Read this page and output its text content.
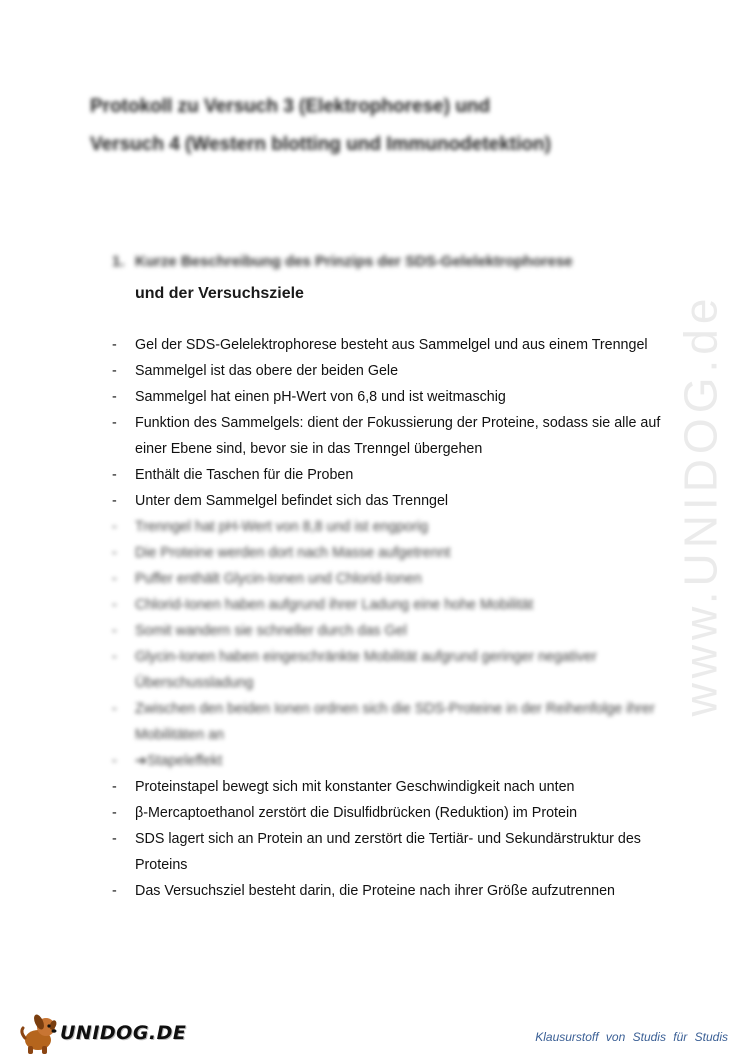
Protokoll zu Versuch 3 (Elektrophorese) und
Versuch 4 (Western blotting und Immunodetektion)
1. Kurze Beschreibung des Prinzips der SDS-Gelelektrophorese
und der Versuchsziele
- Gel der SDS-Gelelektrophorese besteht aus Sammelgel und aus einem Trenngel
- Sammelgel ist das obere der beiden Gele
- Sammelgel hat einen pH-Wert von 6,8 und ist weitmaschig
- Funktion des Sammelgels: dient der Fokussierung der Proteine, sodass sie alle auf einer Ebene sind, bevor sie in das Trenngel übergehen
- Enthält die Taschen für die Proben
- Unter dem Sammelgel befindet sich das Trenngel
- Trenngel hat pH-Wert von 8,8 und ist engporig
- Die Proteine werden dort nach Masse aufgetrennt
- Puffer enthält Glycin-Ionen und Chlorid-Ionen
- Chlorid-Ionen haben aufgrund ihrer Ladung eine hohe Mobilität
- Somit wandern sie schneller durch das Gel
- Glycin-Ionen haben eingeschränkte Mobilität aufgrund geringer negativer Überschussladung
- Zwischen den beiden Ionen ordnen sich die SDS-Proteine in der Reihenfolge ihrer Mobilitäten an
- ➔Stapeleffekt
- Proteinstapel bewegt sich mit konstanter Geschwindigkeit nach unten
- β-Mercaptoethanol zerstört die Disulfidbrücken (Reduktion) im Protein
- SDS lagert sich an Protein an und zerstört die Tertiär- und Sekundärstruktur des Proteins
- Das Versuchsziel besteht darin, die Proteine nach ihrer Größe aufzutrennen
www.UNIDOG.de
UNIDOG.DE	Klausurstoff von Studis für Studis
